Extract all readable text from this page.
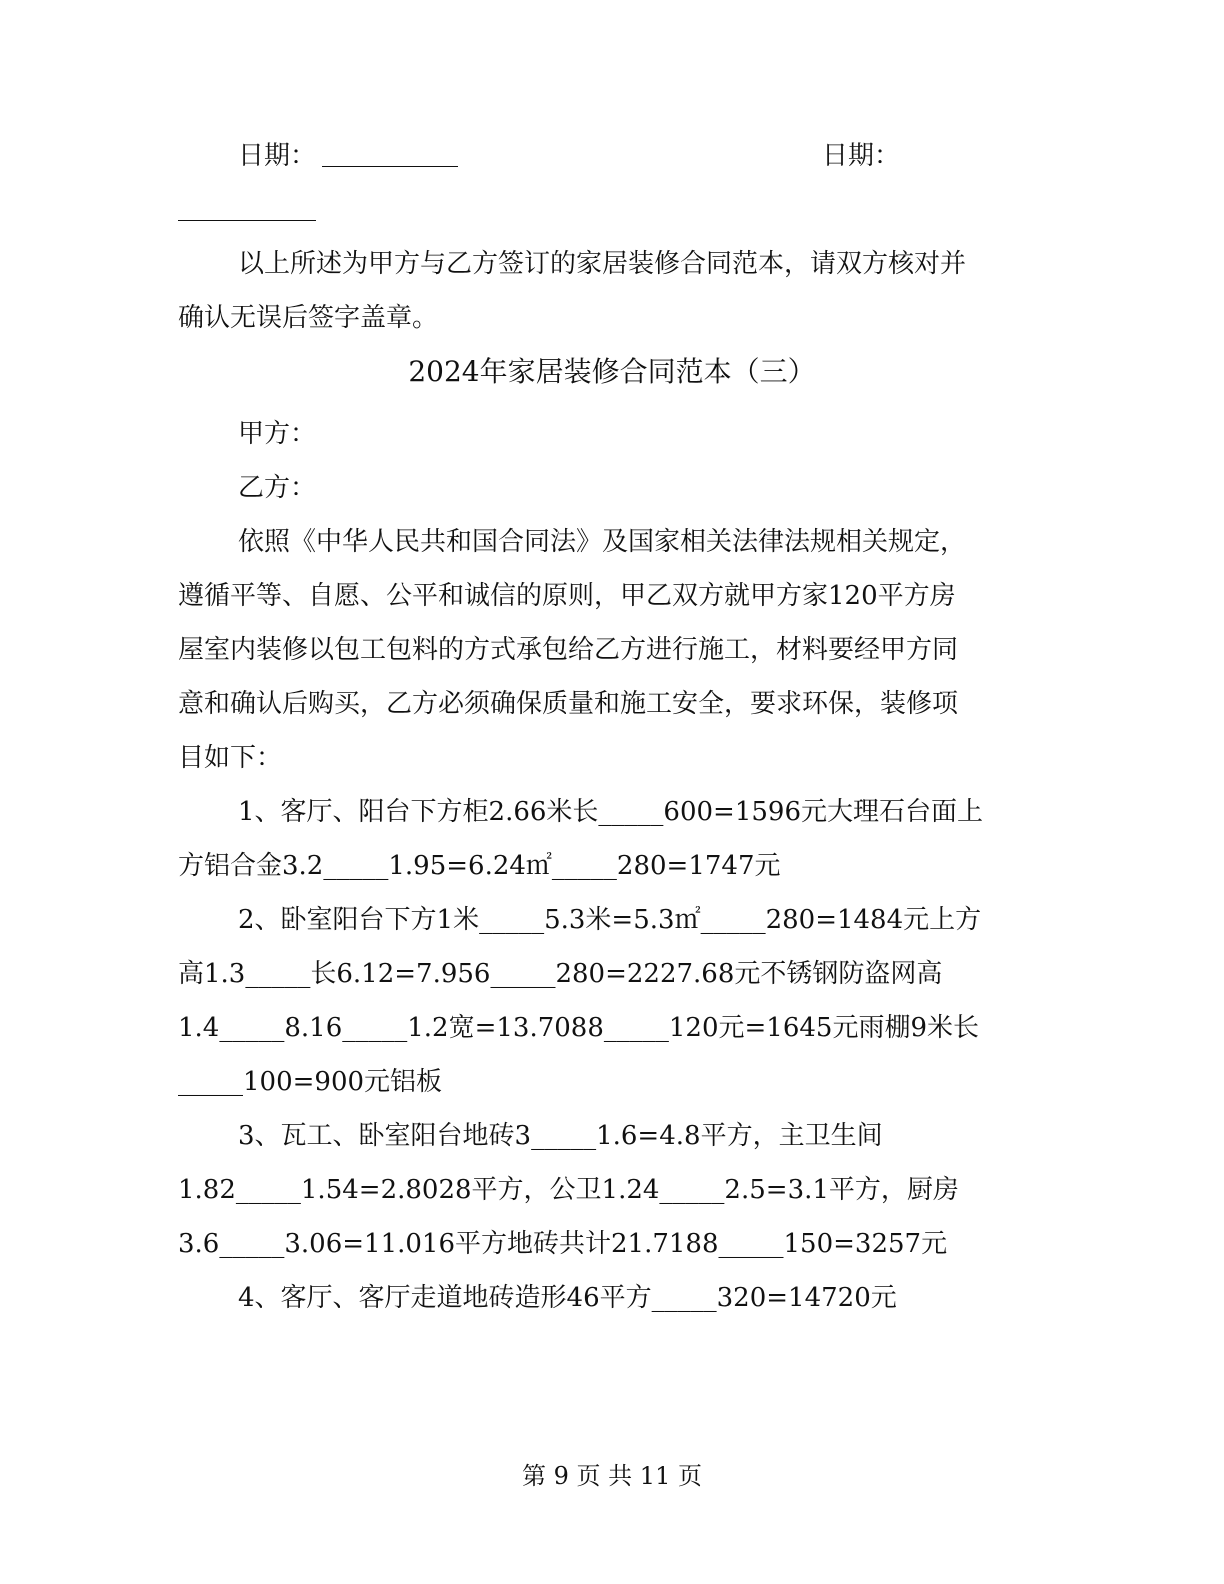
日期：	日期：
以上所述为甲方与乙方签订的家居装修合同范本，请双方核对并
确认无误后签字盖章。
2024年家居装修合同范本（三）
甲方：
乙方：
依照《中华人民共和国合同法》及国家相关法律法规相关规定，
遵循平等、自愿、公平和诚信的原则，甲乙双方就甲方家120平方房
屋室内装修以包工包料的方式承包给乙方进行施工，材料要经甲方同
意和确认后购买，乙方必须确保质量和施工安全，要求环保，装修项
目如下：
1、客厅、阳台下方柜2.66米长_____600=1596元大理石台面上
方铝合金3.2_____1.95=6.24㎡_____280=1747元
2、卧室阳台下方1米_____5.3米=5.3㎡_____280=1484元上方
高1.3_____长6.12=7.956_____280=2227.68元不锈钢防盗网高
1.4_____8.16_____1.2宽=13.7088_____120元=1645元雨棚9米长
_____100=900元铝板
3、瓦工、卧室阳台地砖3_____1.6=4.8平方，主卫生间
1.82_____1.54=2.8028平方，公卫1.24_____2.5=3.1平方，厨房
3.6_____3.06=11.016平方地砖共计21.7188_____150=3257元
4、客厅、客厅走道地砖造形46平方_____320=14720元
第 9 页 共 11 页
